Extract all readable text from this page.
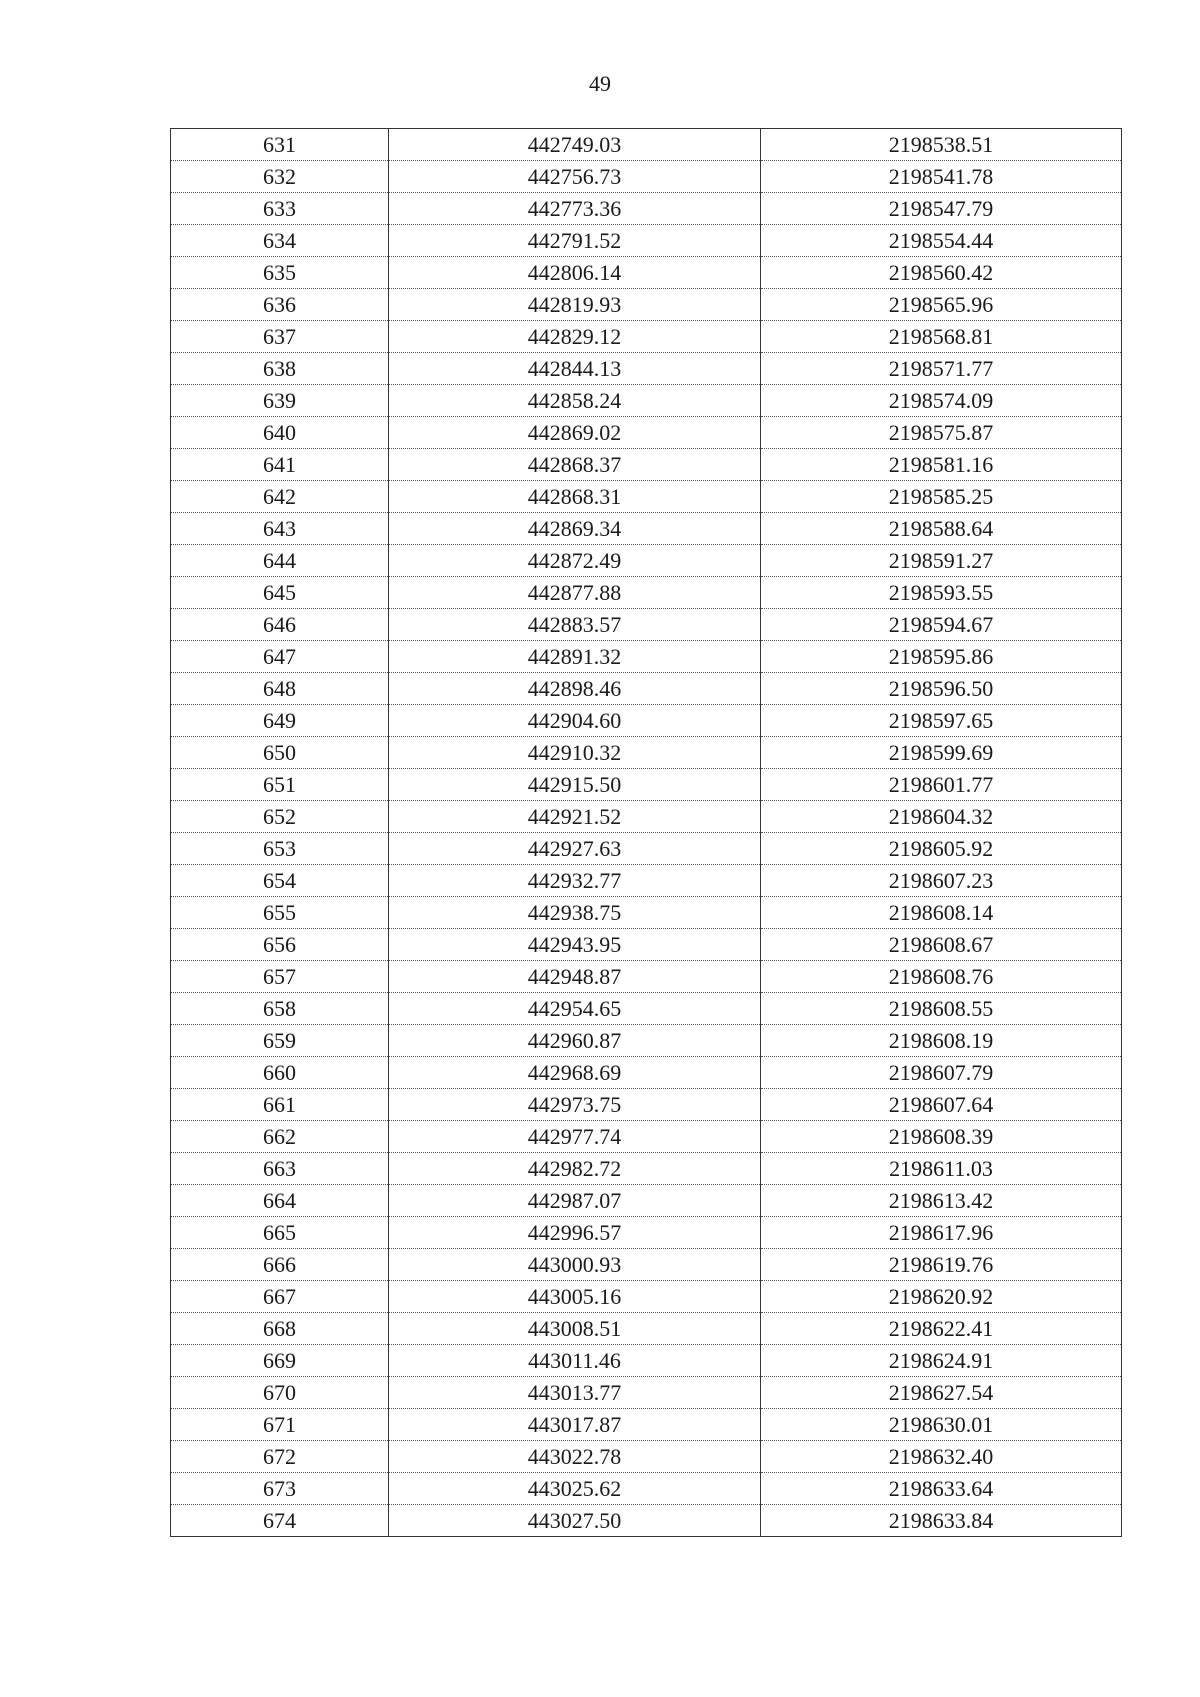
49
631	442749.03	2198538.51
632	442756.73	2198541.78
633	442773.36	2198547.79
634	442791.52	2198554.44
635	442806.14	2198560.42
636	442819.93	2198565.96
637	442829.12	2198568.81
638	442844.13	2198571.77
639	442858.24	2198574.09
640	442869.02	2198575.87
641	442868.37	2198581.16
642	442868.31	2198585.25
643	442869.34	2198588.64
644	442872.49	2198591.27
645	442877.88	2198593.55
646	442883.57	2198594.67
647	442891.32	2198595.86
648	442898.46	2198596.50
649	442904.60	2198597.65
650	442910.32	2198599.69
651	442915.50	2198601.77
652	442921.52	2198604.32
653	442927.63	2198605.92
654	442932.77	2198607.23
655	442938.75	2198608.14
656	442943.95	2198608.67
657	442948.87	2198608.76
658	442954.65	2198608.55
659	442960.87	2198608.19
660	442968.69	2198607.79
661	442973.75	2198607.64
662	442977.74	2198608.39
663	442982.72	2198611.03
664	442987.07	2198613.42
665	442996.57	2198617.96
666	443000.93	2198619.76
667	443005.16	2198620.92
668	443008.51	2198622.41
669	443011.46	2198624.91
670	443013.77	2198627.54
671	443017.87	2198630.01
672	443022.78	2198632.40
673	443025.62	2198633.64
674	443027.50	2198633.84
